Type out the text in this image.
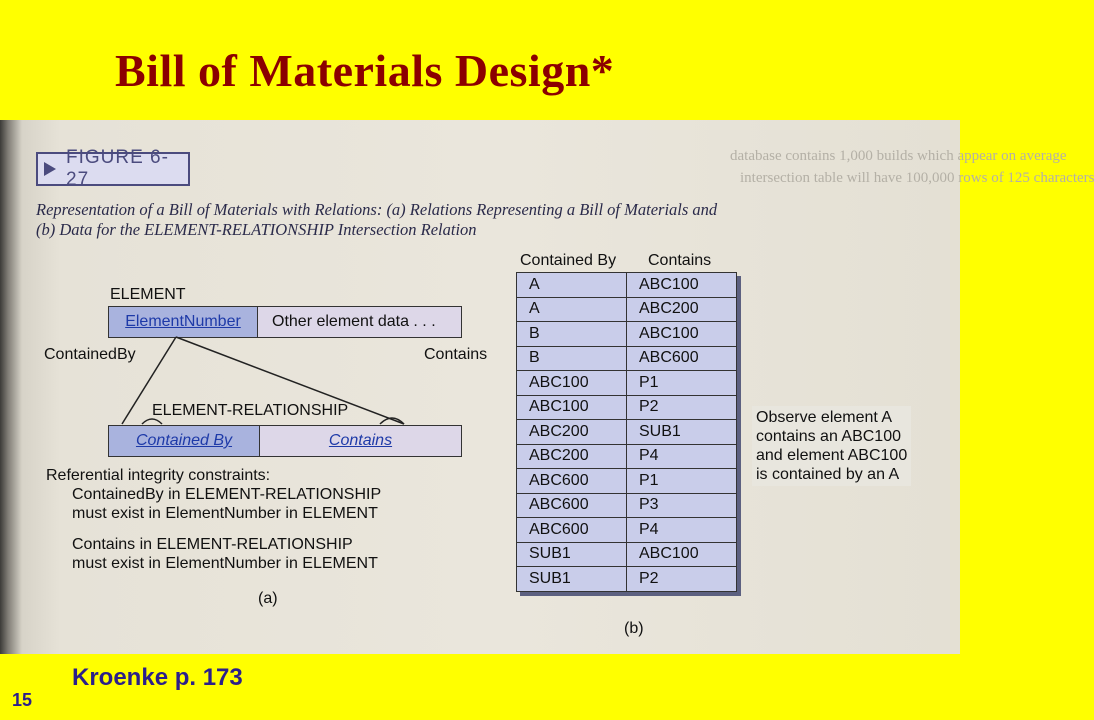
Bill of Materials Design*
database contains 1,000 builds which appear on average
intersection table will have 100,000 rows of 125 characters
FIGURE 6-27
Representation of a Bill of Materials with Relations: (a) Relations Representing a Bill of Materials and (b) Data for the ELEMENT-RELATIONSHIP Intersection Relation
ELEMENT
ElementNumber	Other element data . . .
ContainedBy	Contains
ELEMENT-RELATIONSHIP
Contained By	Contains
Referential integrity constraints:
ContainedBy in ELEMENT-RELATIONSHIP
must exist in ElementNumber in ELEMENT
Contains in ELEMENT-RELATIONSHIP
must exist in ElementNumber in ELEMENT
(a)
Contained By Contains
A	ABC100
A	ABC200
B	ABC100
B	ABC600
ABC100	P1
ABC100	P2
ABC200	SUB1
ABC200	P4
ABC600	P1
ABC600	P3
ABC600	P4
SUB1	ABC100
SUB1	P2
Observe element A
contains an ABC100
and element ABC100
is contained by an A
(b)
Kroenke p. 173
15
